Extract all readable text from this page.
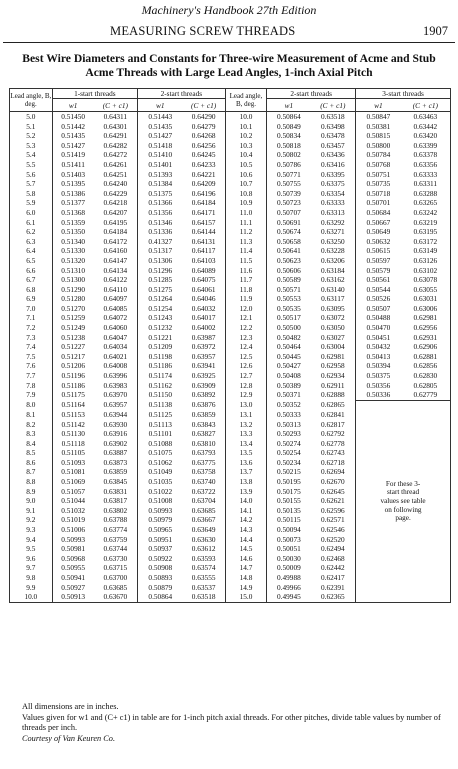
Machinery's Handbook 27th Edition
MEASURING SCREW THREADS	1907
Best Wire Diameters and Constants for Three-wire Measurement of Acme and Stub
Acme Threads with Large Lead Angles, 1-inch Axial Pitch
Lead angle, B, deg.	1-start threads		2-start threads		Lead angle, B, deg.	2-start threads		3-start threads	
	w1	(C + c1)	w1	(C + c1)		w1	(C + c1)	w1	(C + c1)
5.0	0.51450	0.64311	0.51443	0.64290	10.0	0.50864	0.63518	0.50847	0.63463
5.1	0.51442	0.64301	0.51435	0.64279	10.1	0.50849	0.63498	0.50381	0.63442
5.2	0.51435	0.64291	0.51427	0.64268	10.2	0.50834	0.63478	0.50815	0.63420
5.3	0.51427	0.64282	0.51418	0.64256	10.3	0.50818	0.63457	0.50800	0.63399
5.4	0.51419	0.64272	0.51410	0.64245	10.4	0.50802	0.63436	0.50784	0.63378
5.5	0.51411	0.64261	0.51401	0.64233	10.5	0.50786	0.63416	0.50768	0.63356
5.6	0.51403	0.64251	0.51393	0.64221	10.6	0.50771	0.63395	0.50751	0.63333
5.7	0.51395	0.64240	0.51384	0.64209	10.7	0.50755	0.63375	0.50735	0.63311
5.8	0.51386	0.64229	0.51375	0.64196	10.8	0.50739	0.63354	0.50718	0.63288
5.9	0.51377	0.64218	0.51366	0.64184	10.9	0.50723	0.63333	0.50701	0.63265
6.0	0.51368	0.64207	0.51356	0.64171	11.0	0.50707	0.63313	0.50684	0.63242
6.1	0.51359	0.64195	0.51346	0.64157	11.1	0.50691	0.63292	0.50667	0.63219
6.2	0.51350	0.64184	0.51336	0.64144	11.2	0.50674	0.63271	0.50649	0.63195
6.3	0.51340	0.64172	0.41327	0.64131	11.3	0.50658	0.63250	0.50632	0.63172
6.4	0.51330	0.64160	0.51317	0.64117	11.4	0.50641	0.63228	0.50615	0.63149
6.5	0.51320	0.64147	0.51306	0.64103	11.5	0.50623	0.63206	0.50597	0.63126
6.6	0.51310	0.64134	0.51296	0.64089	11.6	0.50606	0.63184	0.50579	0.63102
6.7	0.51300	0.64122	0.51285	0.64075	11.7	0.50589	0.63162	0.50561	0.63078
6.8	0.51290	0.64110	0.51275	0.64061	11.8	0.50571	0.63140	0.50544	0.63055
6.9	0.51280	0.64097	0.51264	0.64046	11.9	0.50553	0.63117	0.50526	0.63031
7.0	0.51270	0.64085	0.51254	0.64032	12.0	0.50535	0.63095	0.50507	0.63006
7.1	0.51259	0.64072	0.51243	0.64017	12.1	0.50517	0.63072	0.50488	0.62981
7.2	0.51249	0.64060	0.51232	0.64002	12.2	0.50500	0.63050	0.50470	0.62956
7.3	0.51238	0.64047	0.51221	0.63987	12.3	0.50482	0.63027	0.50451	0.62931
7.4	0.51227	0.64034	0.51209	0.63972	12.4	0.50464	0.63004	0.50432	0.62906
7.5	0.51217	0.64021	0.51198	0.63957	12.5	0.50445	0.62981	0.50413	0.62881
7.6	0.51206	0.64008	0.51186	0.63941	12.6	0.50427	0.62958	0.50394	0.62856
7.7	0.51196	0.63996	0.51174	0.63925	12.7	0.50408	0.62934	0.50375	0.62830
7.8	0.51186	0.63983	0.51162	0.63909	12.8	0.50389	0.62911	0.50356	0.62805
7.9	0.51175	0.63970	0.51150	0.63892	12.9	0.50371	0.62888	0.50336	0.62779
8.0	0.51164	0.63957	0.51138	0.63876	13.0	0.50352	0.62865	For these 3-start thread values see table on following page.	

8.1	0.51153	0.63944	0.51125	0.63859	13.1	0.50333	0.62841		
8.2	0.51142	0.63930	0.51113	0.63843	13.2	0.50313	0.62817		
8.3	0.51130	0.63916	0.51101	0.63827	13.3	0.50293	0.62792		
8.4	0.51118	0.63902	0.51088	0.63810	13.4	0.50274	0.62778		
8.5	0.51105	0.63887	0.51075	0.63793	13.5	0.50254	0.62743		
8.6	0.51093	0.63873	0.51062	0.63775	13.6	0.50234	0.62718		
8.7	0.51081	0.63859	0.51049	0.63758	13.7	0.50215	0.62694		
8.8	0.51069	0.63845	0.51035	0.63740	13.8	0.50195	0.62670		
8.9	0.51057	0.63831	0.51022	0.63722	13.9	0.50175	0.62645		
9.0	0.51044	0.63817	0.51008	0.63704	14.0	0.50155	0.62621		
9.1	0.51032	0.63802	0.50993	0.63685	14.1	0.50135	0.62596		
9.2	0.51019	0.63788	0.50979	0.63667	14.2	0.50115	0.62571		
9.3	0.51006	0.63774	0.50965	0.63649	14.3	0.50094	0.62546		
9.4	0.50993	0.63759	0.50951	0.63630	14.4	0.50073	0.62520		
9.5	0.50981	0.63744	0.50937	0.63612	14.5	0.50051	0.62494		
9.6	0.50968	0.63730	0.50922	0.63593	14.6	0.50030	0.62468		
9.7	0.50955	0.63715	0.50908	0.63574	14.7	0.50009	0.62442		
9.8	0.50941	0.63700	0.50893	0.63555	14.8	0.49988	0.62417		
9.9	0.50927	0.63685	0.50879	0.63537	14.9	0.49966	0.62391		
10.0	0.50913	0.63670	0.50864	0.63518	15.0	0.49945	0.62365		
All dimensions are in inches.
Values given for w1 and (C+ c1) in table are for 1-inch pitch axial threads. For other pitches, divide table values by number of threads per inch.
Courtesy of Van Keuren Co.
